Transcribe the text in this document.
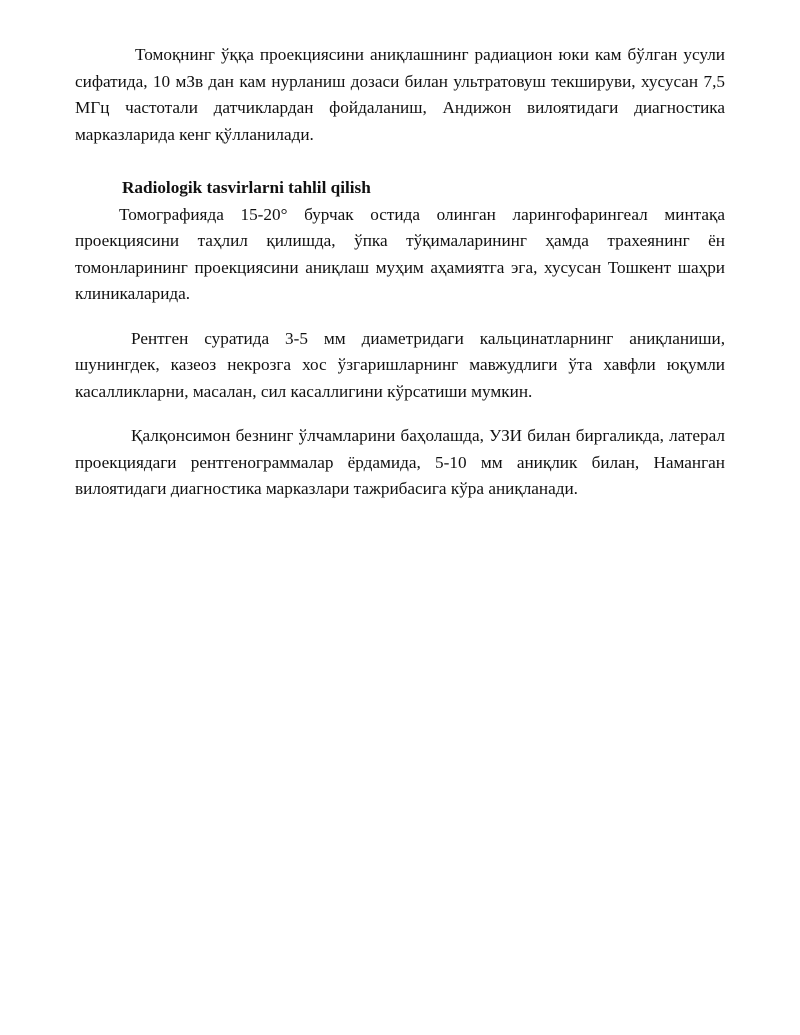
Томоқнинг ўққа проекциясини аниқлашнинг радиацион юки кам бўлган усули сифатида, 10 мЗв дан кам нурланиш дозаси билан ультратовуш текшируви, хусусан 7,5 МГц частотали датчиклардан фойдаланиш, Андижон вилоятидаги диагностика марказларида кенг қўлланилади.

Radiologik tasvirlarni tahlil qilish

Томографияда 15-20° бурчак остида олинган ларингофарингеал минтақа проекциясини таҳлил қилишда, ўпка тўқималарининг ҳамда трахеянинг ён томонларининг проекциясини аниқлаш муҳим аҳамиятга эга, хусусан Тошкент шаҳри клиникаларида.

Рентген суратида 3-5 мм диаметридаги кальцинатларнинг аниқланиши, шунингдек, казеоз некрозга хос ўзгаришларнинг мавжудлиги ўта хавфли юқумли касалликларни, масалан, сил касаллигини кўрсатиши мумкин.

Қалқонсимон безнинг ўлчамларини баҳолашда, УЗИ билан биргаликда, латерал проекциядаги рентгенограммалар ёрдамида, 5-10 мм аниқлик билан, Наманган вилоятидаги диагностика марказлари тажрибасига кўра аниқланади.
